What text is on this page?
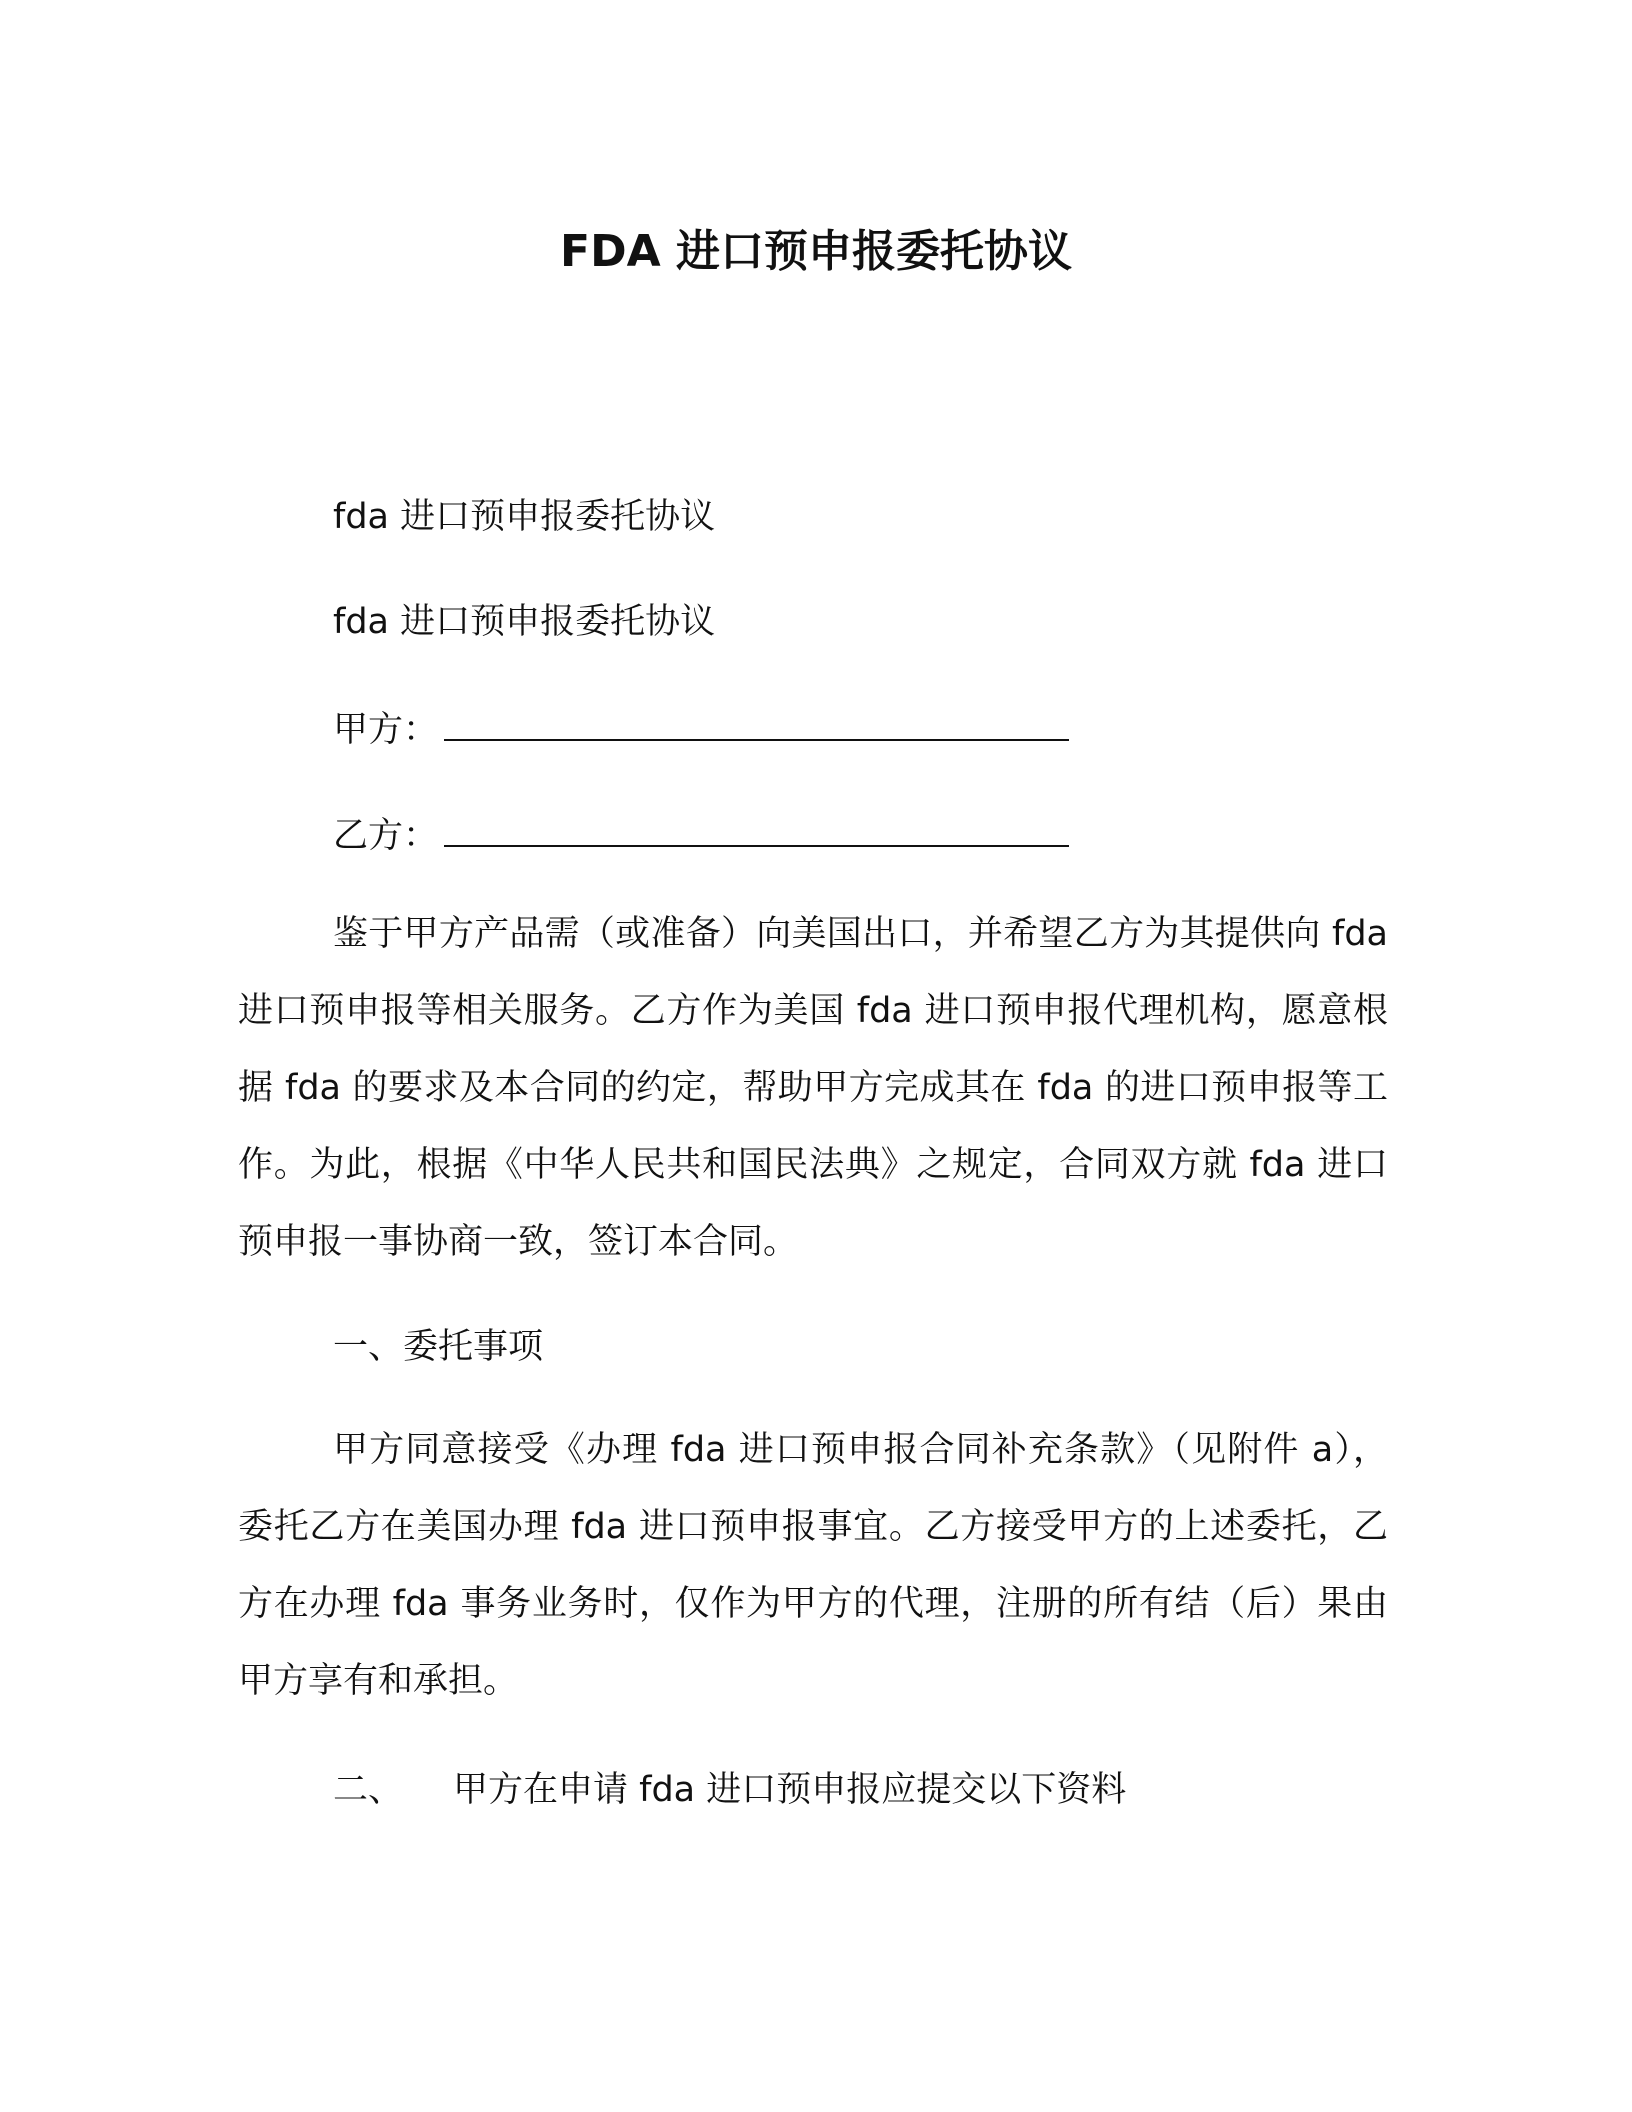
FDA 进口预申报委托协议
fda 进口预申报委托协议
fda 进口预申报委托协议
甲方：
乙方：
鉴于甲方产品需（或准备）向美国出口，并希望乙方为其提供向 fda 进口预申报等相关服务。乙方作为美国 fda 进口预申报代理机构，愿意根据 fda 的要求及本合同的约定，帮助甲方完成其在 fda 的进口预申报等工作。为此，根据《中华人民共和国民法典》之规定，合同双方就 fda 进口预申报一事协商一致，签订本合同。
一、委托事项
甲方同意接受《办理 fda 进口预申报合同补充条款》（见附件 a），委托乙方在美国办理 fda 进口预申报事宜。乙方接受甲方的上述委托，乙方在办理 fda 事务业务时，仅作为甲方的代理，注册的所有结（后）果由甲方享有和承担。
二、 甲方在申请 fda 进口预申报应提交以下资料
